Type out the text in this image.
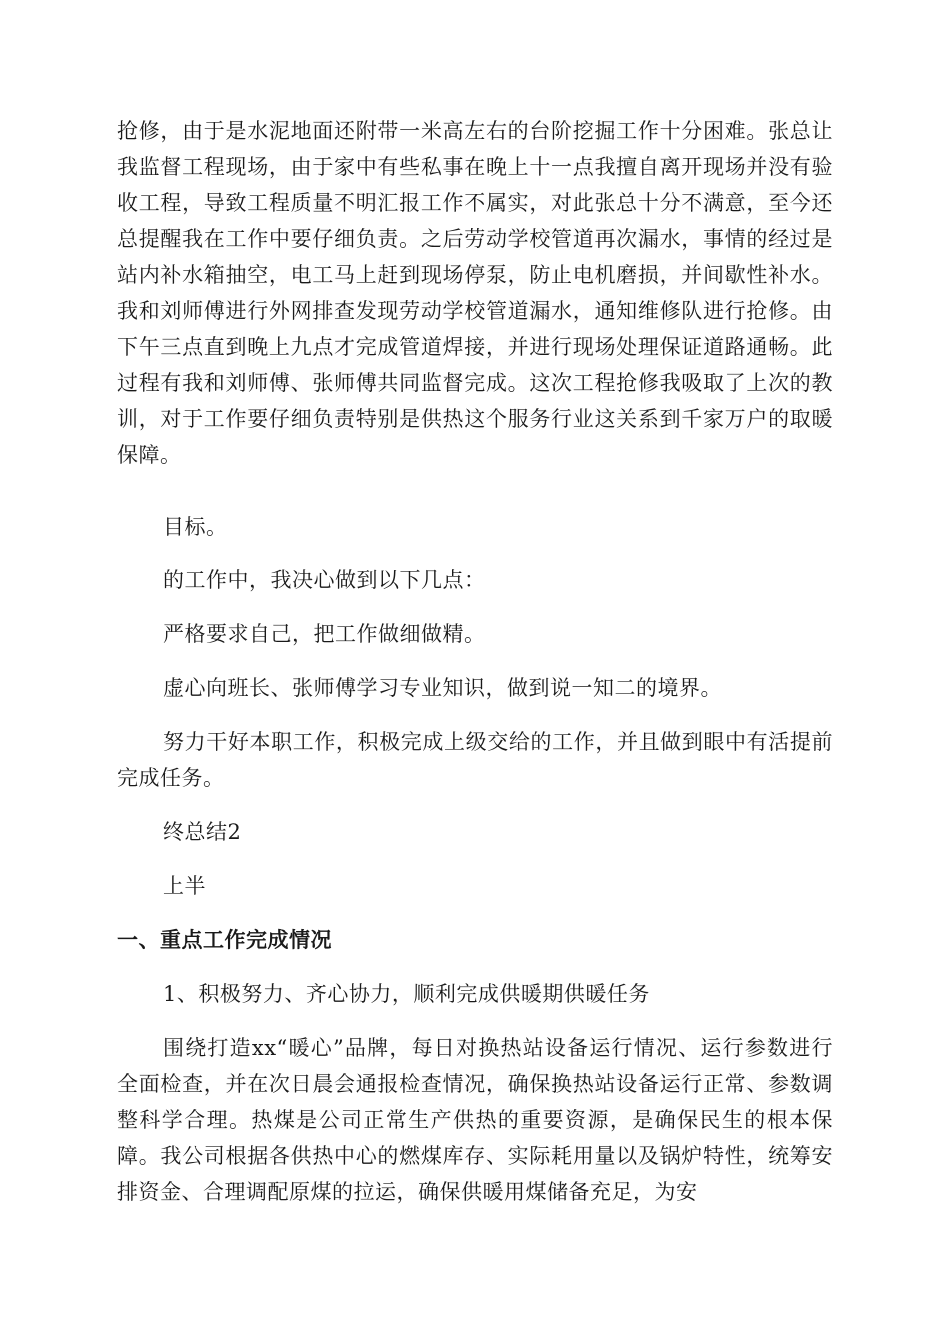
抢修，由于是水泥地面还附带一米高左右的台阶挖掘工作十分困难。张总让我监督工程现场，由于家中有些私事在晚上十一点我擅自离开现场并没有验收工程，导致工程质量不明汇报工作不属实，对此张总十分不满意，至今还总提醒我在工作中要仔细负责。之后劳动学校管道再次漏水，事情的经过是站内补水箱抽空，电工马上赶到现场停泵，防止电机磨损，并间歇性补水。我和刘师傅进行外网排查发现劳动学校管道漏水，通知维修队进行抢修。由下午三点直到晚上九点才完成管道焊接，并进行现场处理保证道路通畅。此过程有我和刘师傅、张师傅共同监督完成。这次工程抢修我吸取了上次的教训，对于工作要仔细负责特别是供热这个服务行业这关系到千家万户的取暖保障。

目标。

的工作中，我决心做到以下几点：

严格要求自己，把工作做细做精。

虚心向班长、张师傅学习专业知识，做到说一知二的境界。

努力干好本职工作，积极完成上级交给的工作，并且做到眼中有活提前完成任务。

终总结2

上半

一、重点工作完成情况

1、积极努力、齐心协力，顺利完成供暖期供暖任务

围绕打造xx“暖心”品牌，每日对换热站设备运行情况、运行参数进行全面检查，并在次日晨会通报检查情况，确保换热站设备运行正常、参数调整科学合理。热煤是公司正常生产供热的重要资源，是确保民生的根本保障。我公司根据各供热中心的燃煤库存、实际耗用量以及锅炉特性，统筹安排资金、合理调配原煤的拉运，确保供暖用煤储备充足，为安
